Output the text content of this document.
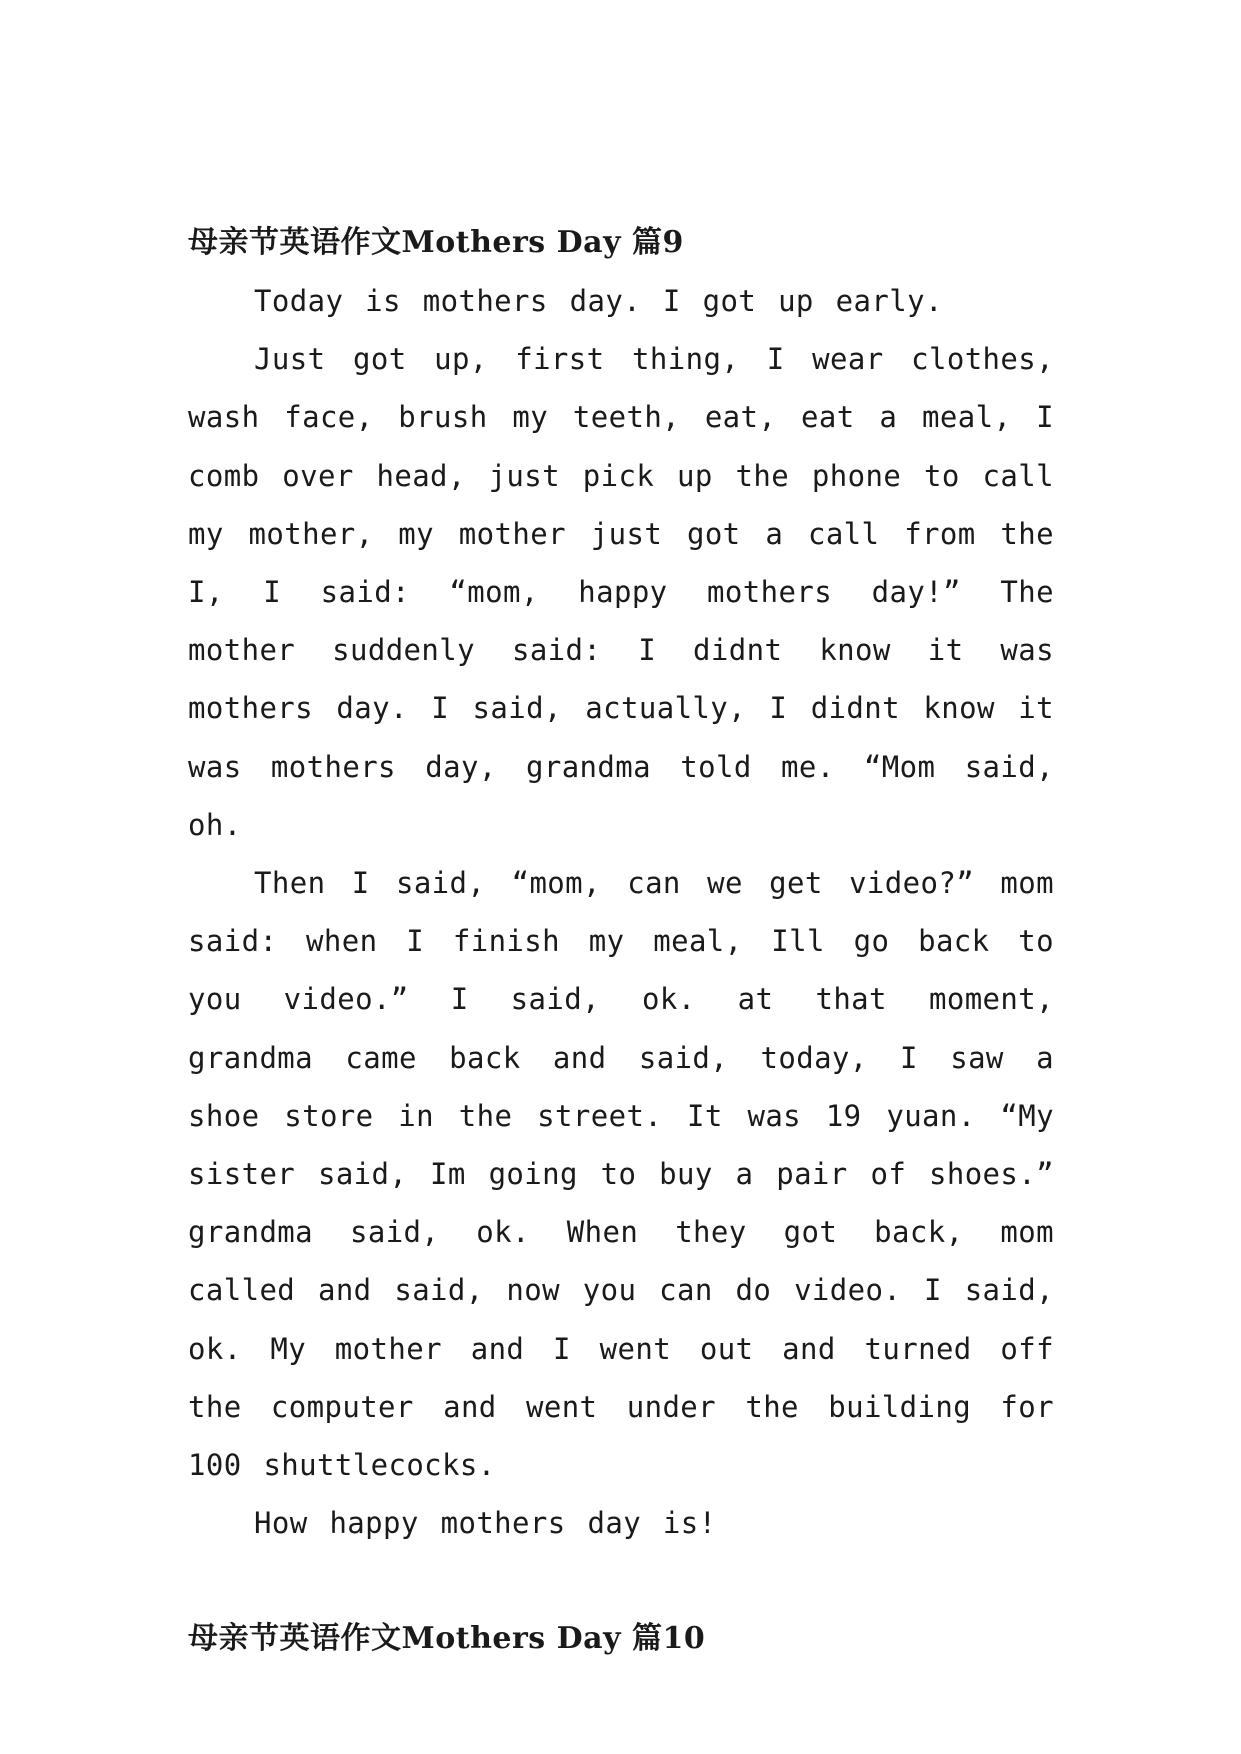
母亲节英语作文Mothers Day 篇9

Today is mothers day. I got up early.

Just got up, first thing, I wear clothes, wash face, brush my teeth, eat, eat a meal, I comb over head, just pick up the phone to call my mother, my mother just got a call from the I, I said: “mom, happy mothers day!” The mother suddenly said: I didnt know it was mothers day. I said, actually, I didnt know it was mothers day, grandma told me. “Mom said, oh.

Then I said, “mom, can we get video?” mom said: when I finish my meal, Ill go back to you video.” I said, ok. at that moment, grandma came back and said, today, I saw a shoe store in the street. It was 19 yuan. “My sister said, Im going to buy a pair of shoes.” grandma said, ok. When they got back, mom called and said, now you can do video. I said, ok. My mother and I went out and turned off the computer and went under the building for 100 shuttlecocks.

How happy mothers day is!

母亲节英语作文Mothers Day 篇10
